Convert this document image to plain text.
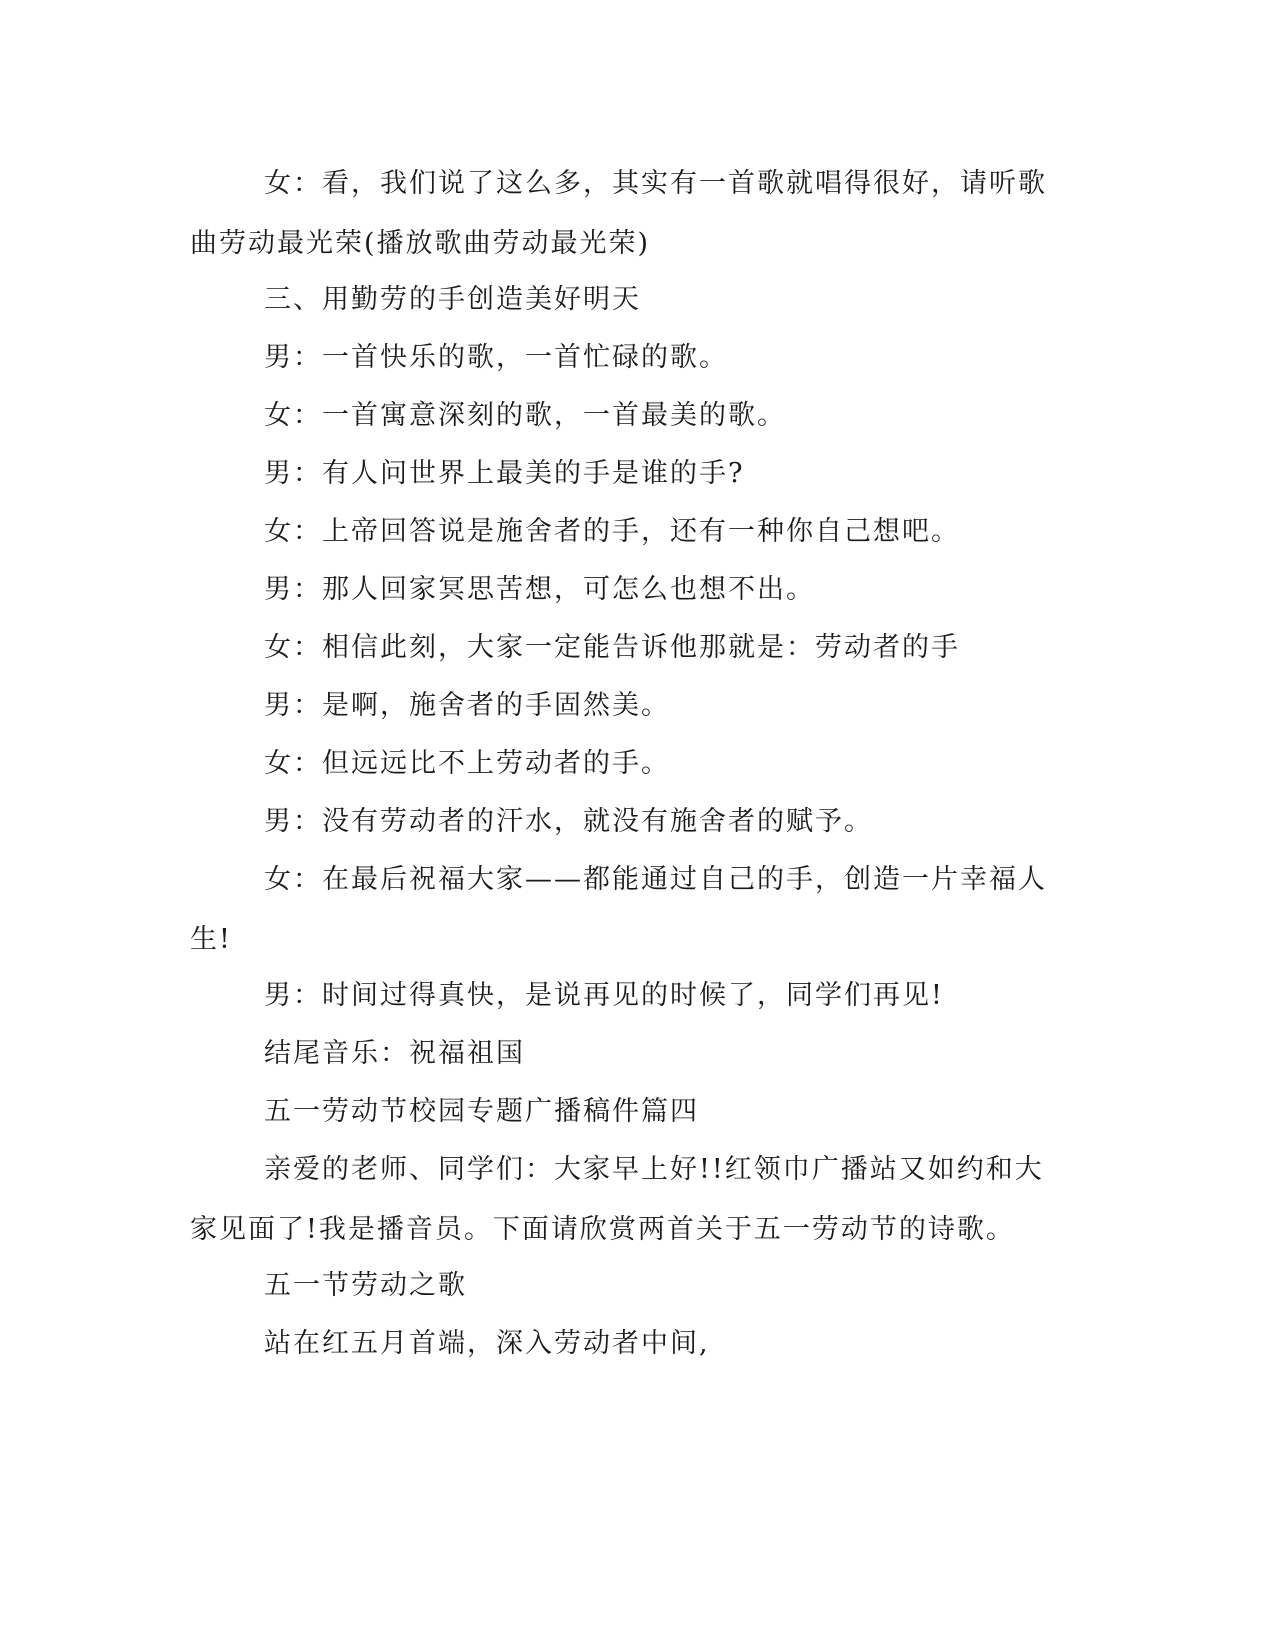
女：看，我们说了这么多，其实有一首歌就唱得很好，请听歌曲劳动最光荣(播放歌曲劳动最光荣)

三、用勤劳的手创造美好明天

男：一首快乐的歌，一首忙碌的歌。

女：一首寓意深刻的歌，一首最美的歌。

男：有人问世界上最美的手是谁的手?

女：上帝回答说是施舍者的手，还有一种你自己想吧。

男：那人回家冥思苦想，可怎么也想不出。

女：相信此刻，大家一定能告诉他那就是：劳动者的手

男：是啊，施舍者的手固然美。

女：但远远比不上劳动者的手。

男：没有劳动者的汗水，就没有施舍者的赋予。

女：在最后祝福大家——都能通过自己的手，创造一片幸福人生!

男：时间过得真快，是说再见的时候了，同学们再见!

结尾音乐：祝福祖国

五一劳动节校园专题广播稿件篇四

亲爱的老师、同学们：大家早上好!!红领巾广播站又如约和大家见面了!我是播音员。下面请欣赏两首关于五一劳动节的诗歌。

五一节劳动之歌

站在红五月首端，深入劳动者中间,
